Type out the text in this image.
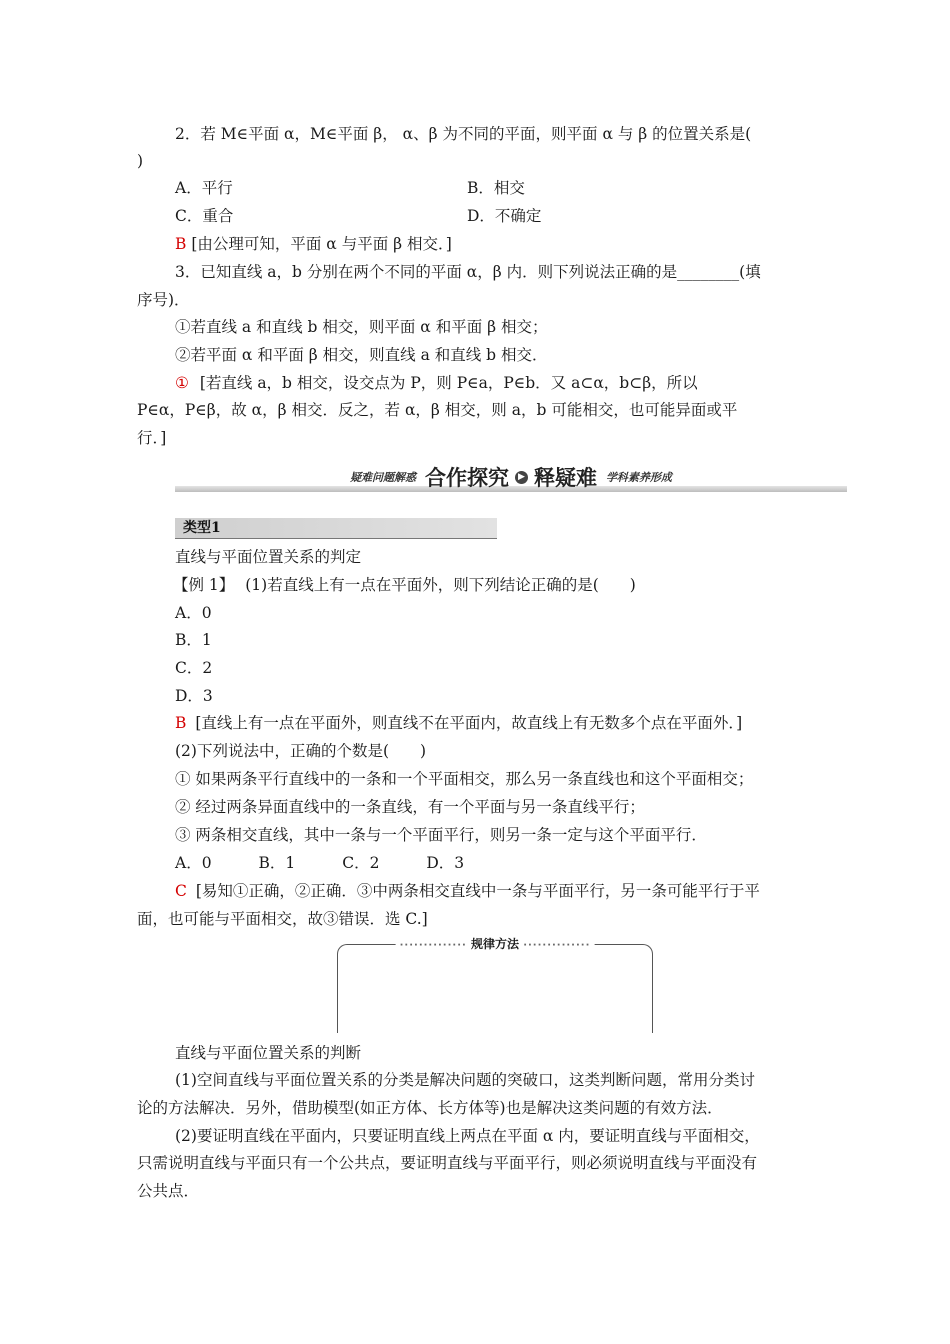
2．若 M∈平面 α，M∈平面 β， α、β 为不同的平面，则平面 α 与 β 的位置关系是(
)
A．平行	B．相交
C．重合	D．不确定
B [由公理可知，平面 α 与平面 β 相交．]
3．已知直线 a，b 分别在两个不同的平面 α，β 内．则下列说法正确的是________(填
序号)．
①若直线 a 和直线 b 相交，则平面 α 和平面 β 相交；
②若平面 α 和平面 β 相交，则直线 a 和直线 b 相交．
① [若直线 a，b 相交，设交点为 P，则 P∈a，P∈b．又 a⊂α，b⊂β，所以
P∈α，P∈β，故 α，β 相交．反之，若 α，β 相交，则 a，b 可能相交，也可能异面或平
行．]
疑难问题解惑 合作探究 ▶ 释疑难 学科素养形成
类型1
直线与平面位置关系的判定
【例 1】 (1)若直线上有一点在平面外，则下列结论正确的是(　　)
A．0
B．1
C．2
D．3
B [直线上有一点在平面外，则直线不在平面内，故直线上有无数多个点在平面外．]
(2)下列说法中，正确的个数是(　　)
① 如果两条平行直线中的一条和一个平面相交，那么另一条直线也和这个平面相交；
② 经过两条异面直线中的一条直线，有一个平面与另一条直线平行；
③ 两条相交直线，其中一条与一个平面平行，则另一条一定与这个平面平行．
A．0	B．1	C．2	D．3
C [易知①正确，②正确．③中两条相交直线中一条与平面平行，另一条可能平行于平
面，也可能与平面相交，故③错误．选 C.]
·············· 规律方法 ··············
直线与平面位置关系的判断
(1)空间直线与平面位置关系的分类是解决问题的突破口，这类判断问题，常用分类讨
论的方法解决．另外，借助模型(如正方体、长方体等)也是解决这类问题的有效方法．
(2)要证明直线在平面内，只要证明直线上两点在平面 α 内，要证明直线与平面相交，
只需说明直线与平面只有一个公共点，要证明直线与平面平行，则必须说明直线与平面没有
公共点．
